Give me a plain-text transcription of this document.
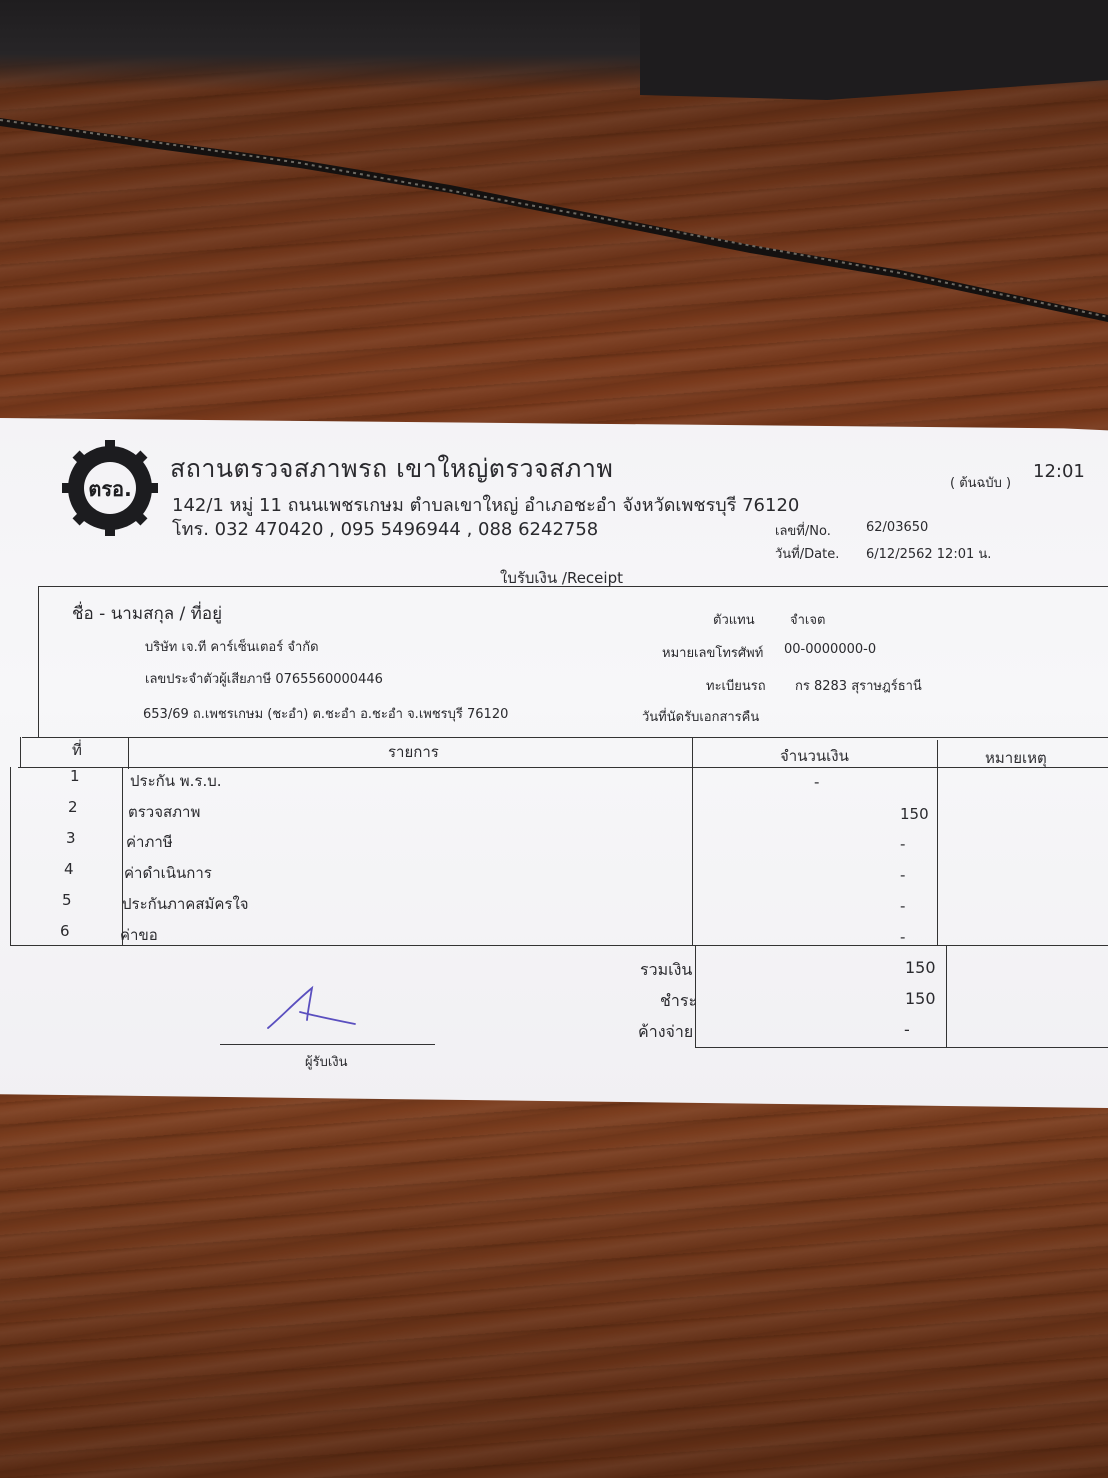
ตรอ.
สถานตรวจสภาพรถ เขาใหญ่ตรวจสภาพ
142/1 หมู่ 11 ถนนเพชรเกษม ตำบลเขาใหญ่ อำเภอชะอำ จังหวัดเพชรบุรี 76120
โทร. 032 470420 , 095 5496944 , 088 6242758
( ต้นฉบับ )
12:01
เลขที่/No.	62/03650
วันที่/Date. 6/12/2562 12:01 น.
ใบรับเงิน /Receipt
ชื่อ - นามสกุล / ที่อยู่
บริษัท เจ.ที คาร์เซ็นเตอร์ จำกัด
เลขประจำตัวผู้เสียภาษี 0765560000446
653/69 ถ.เพชรเกษม (ชะอำ) ต.ชะอำ อ.ชะอำ จ.เพชรบุรี 76120
ตัวแทน	จำเจต
หมายเลขโทรศัพท์ 00-0000000-0
ทะเบียนรถ กร 8283 สุราษฎร์ธานี
วันที่นัดรับเอกสารคืน
ที่	รายการ	จำนวนเงิน	หมายเหตุ
1	ประกัน พ.ร.บ.	-
2	ตรวจสภาพ	150
3	ค่าภาษี	-
4	ค่าดำเนินการ	-
5	ประกันภาคสมัครใจ	-
6	ค่าขอ	-
รวมเงิน	150
ชำระ	150
ค้างจ่าย	-
ผู้รับเงิน
